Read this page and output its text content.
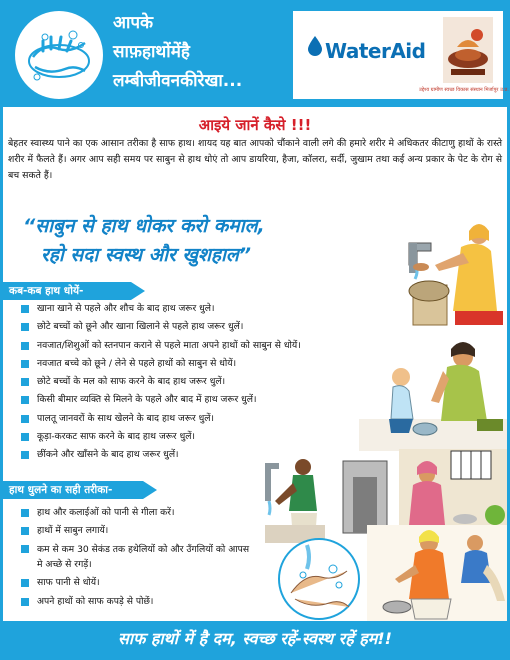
आपके
साफ़हाथोंमेंहै
लम्बीजीवनकीरेखा...
WaterAid
उद्देश्य ग्रामीण स्वच्छ विकास संस्थान मिर्जापुर उ.प्र.
आइये जानें कैसे !!!
बेहतर स्वास्थ्य पाने का एक आसान तरीका है साफ हाथ। शायद यह बात आपको चौंकाने वाली लगे की हमारे शरीर मे अधिकतर कीटाणु हाथों के रास्ते शरीर में फैलते हैं। अगर आप सही समय पर साबुन से हाथ धोएं तो आप डायरिया, हैजा, कॉलरा, सर्दी, जुखाम तथा कई अन्य प्रकार के पेट के रोग से बच सकते हैं।
“साबुन से हाथ धोकर करो कमाल,
रहो सदा स्वस्थ और खुशहाल”
कब-कब हाथ धोयें-
खाना खाने से पहले और शौच के बाद हाथ जरूर धुले।
छोटे बच्चों को छूने और खाना खिलाने से पहले हाथ जरूर धुलें।
नवजात/शिशुओं को स्तनपान कराने से पहले माता अपने हाथों को साबुन से धोयें।
नवजात बच्चे को छूने / लेने से पहले हाथों को साबुन से धोयें।
छोटे बच्चों के मल को साफ करने के बाद हाथ जरूर धुलें।
किसी बीमार व्यक्ति से मिलने के पहले और बाद में हाथ जरूर धुलें।
पालतू जानवरों के साथ खेलने के बाद हाथ जरूर धुलें।
कूड़ा-करकट साफ करने के बाद हाथ जरूर धुलें।
छींकने और खाँसने के बाद हाथ जरूर धुलें।
हाथ धुलने का सही तरीका-
हाथ और कलाईओं को पानी से गीला करें।
हाथों में साबुन लगायें।
कम से कम 30 सेकंड तक हथेलियों को और उँगलियों को आपस मे अच्छे से रगड़ें।
साफ पानी से धोयें।
अपने हाथों को साफ कपड़े से पोछें।
साफ हाथों में है दम, स्वच्छ रहें-स्वस्थ रहें हम!!
